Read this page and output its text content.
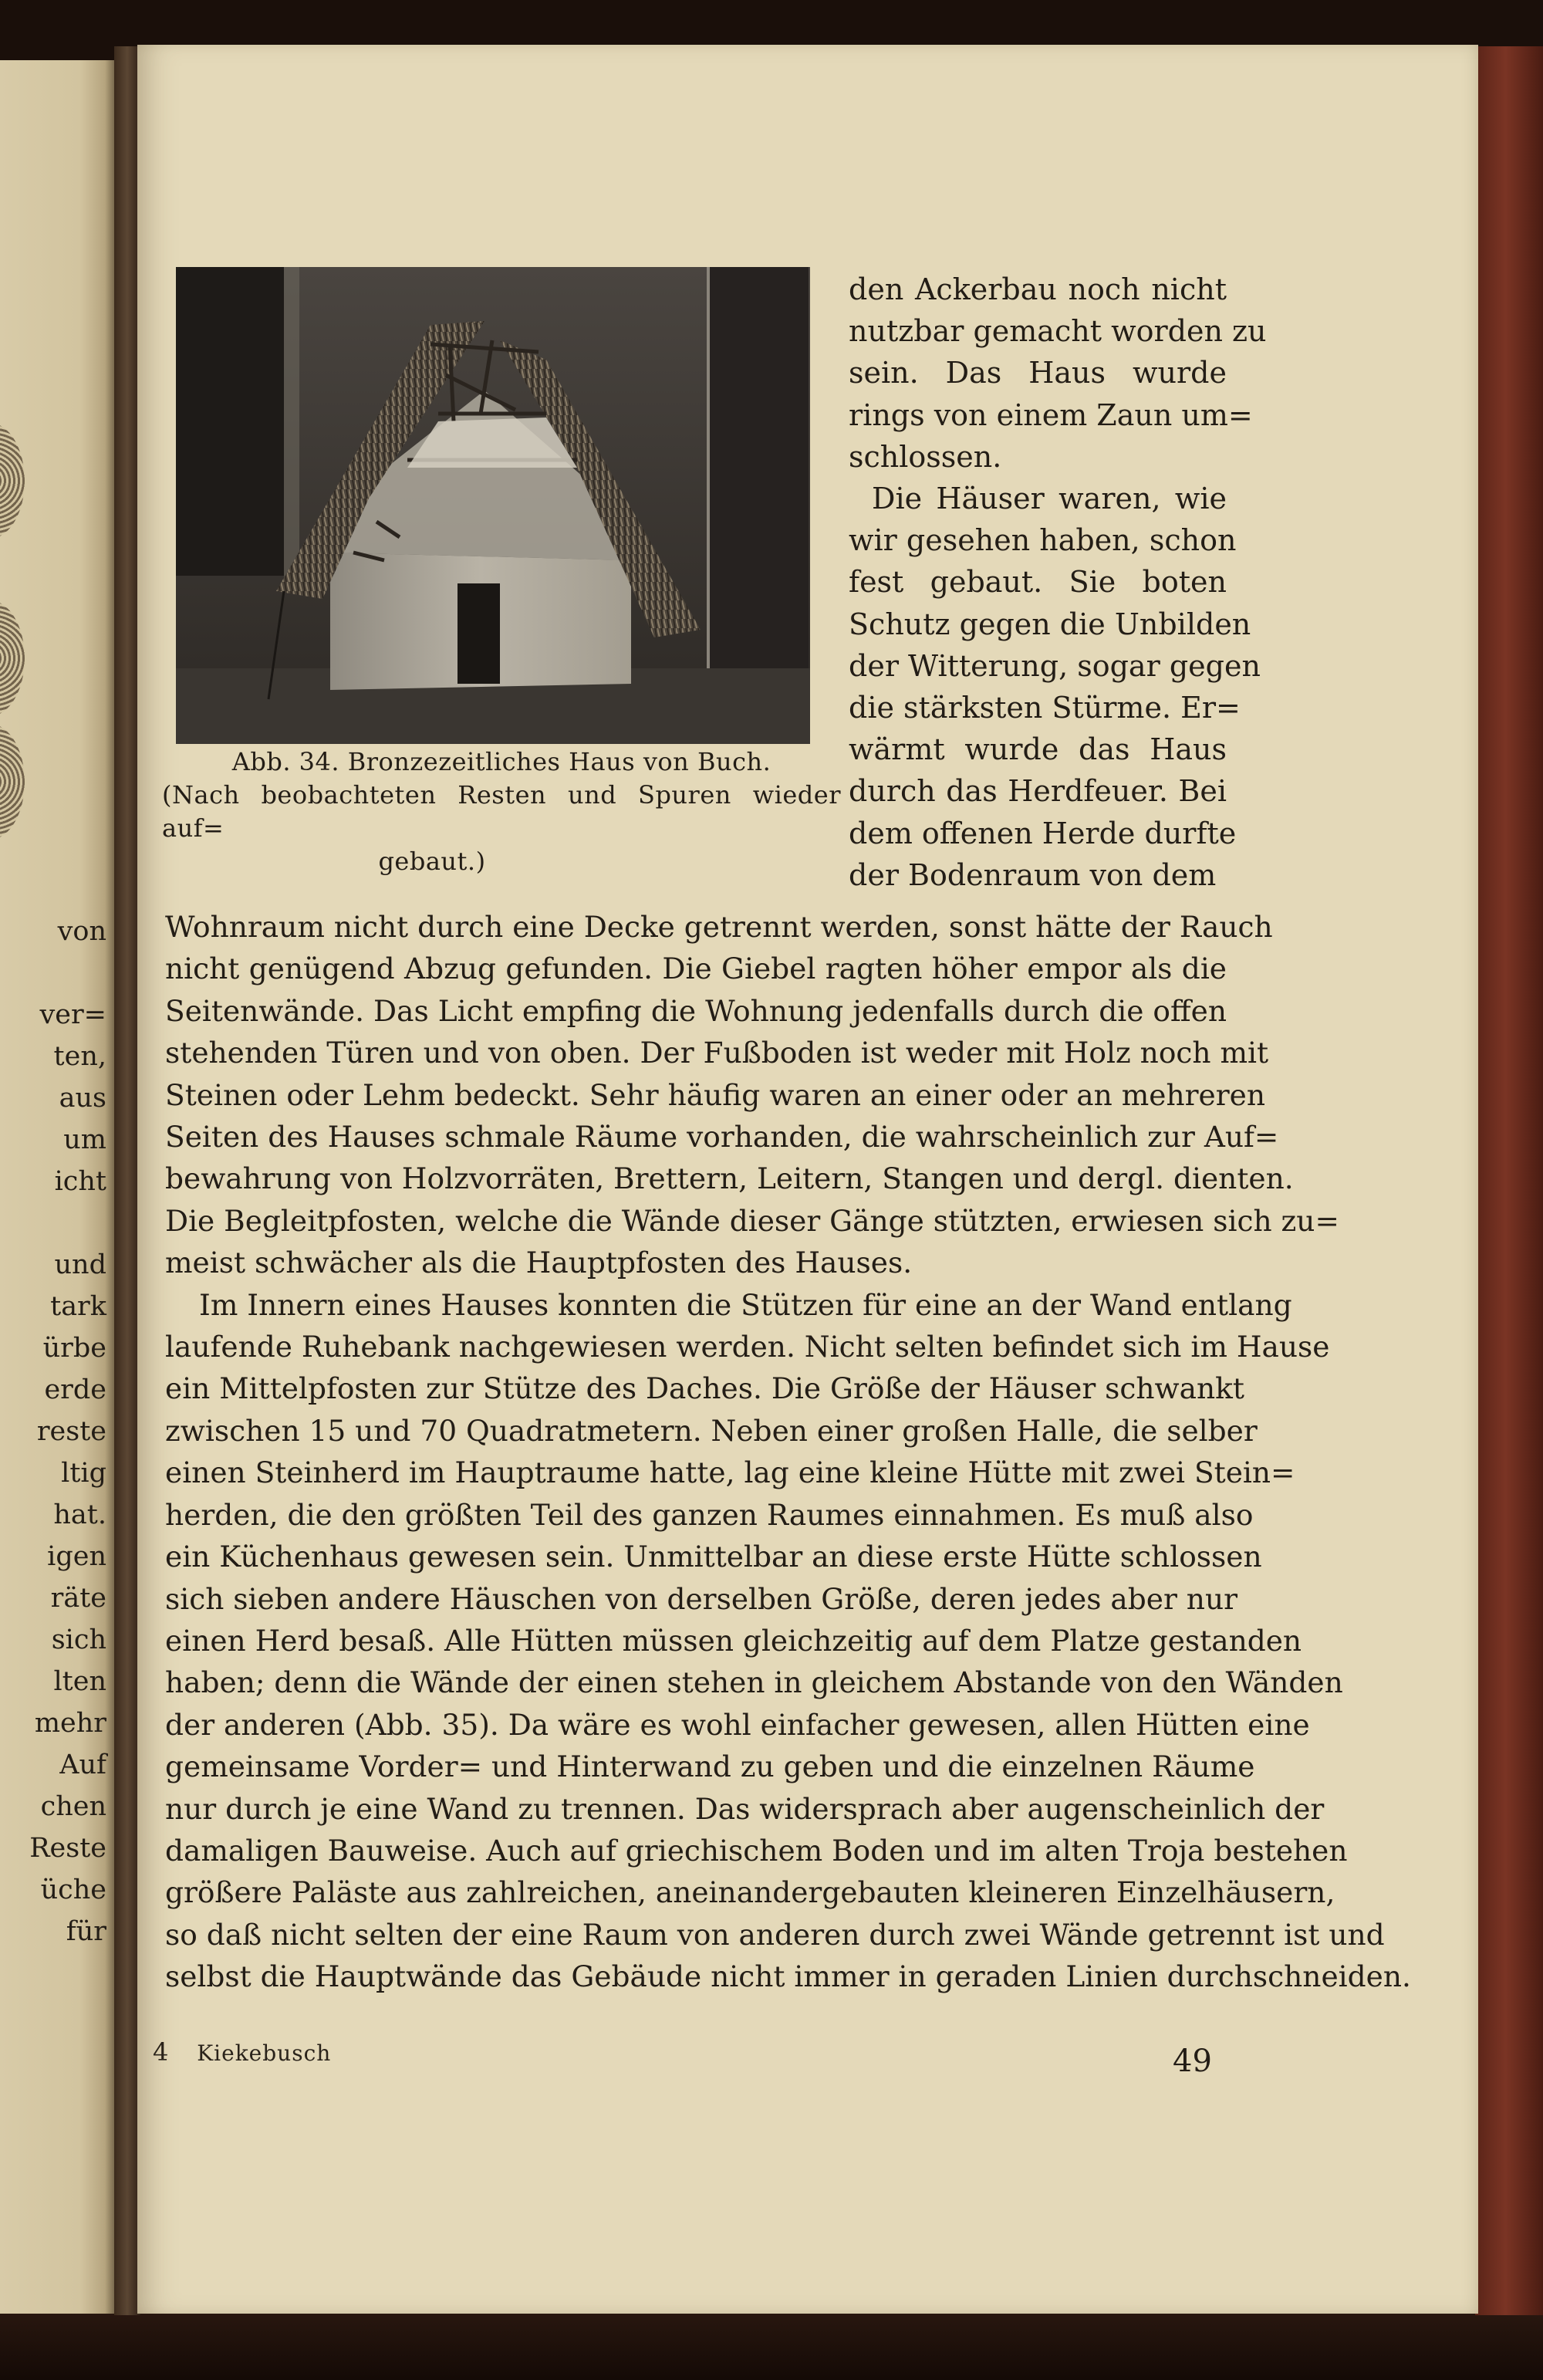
von

ver=
ten,
aus
um
icht

und
tark
ürbe
erde
reste
ltig
hat.
igen
räte
sich
lten
mehr
Auf
chen
Reste
üche
für
Abb. 34. Bronzezeitliches Haus von Buch.
(Nach beobachteten Resten und Spuren wieder auf=
gebaut.)
den Ackerbau noch nicht
nutzbar gemacht worden zu
sein. Das Haus wurde
rings von einem Zaun um=
schlossen.
Die Häuser waren, wie
wir gesehen haben, schon
fest gebaut. Sie boten
Schutz gegen die Unbilden
der Witterung, sogar gegen
die stärksten Stürme. Er=
wärmt wurde das Haus
durch das Herdfeuer. Bei
dem offenen Herde durfte
der Bodenraum von dem
Wohnraum nicht durch eine Decke getrennt werden, sonst hätte der Rauch
nicht genügend Abzug gefunden. Die Giebel ragten höher empor als die
Seitenwände. Das Licht empfing die Wohnung jedenfalls durch die offen
stehenden Türen und von oben. Der Fußboden ist weder mit Holz noch mit
Steinen oder Lehm bedeckt. Sehr häufig waren an einer oder an mehreren
Seiten des Hauses schmale Räume vorhanden, die wahrscheinlich zur Auf=
bewahrung von Holzvorräten, Brettern, Leitern, Stangen und dergl. dienten.
Die Begleitpfosten, welche die Wände dieser Gänge stützten, erwiesen sich zu=
meist schwächer als die Hauptpfosten des Hauses.
Im Innern eines Hauses konnten die Stützen für eine an der Wand entlang
laufende Ruhebank nachgewiesen werden. Nicht selten befindet sich im Hause
ein Mittelpfosten zur Stütze des Daches. Die Größe der Häuser schwankt
zwischen 15 und 70 Quadratmetern. Neben einer großen Halle, die selber
einen Steinherd im Hauptraume hatte, lag eine kleine Hütte mit zwei Stein=
herden, die den größten Teil des ganzen Raumes einnahmen. Es muß also
ein Küchenhaus gewesen sein. Unmittelbar an diese erste Hütte schlossen
sich sieben andere Häuschen von derselben Größe, deren jedes aber nur
einen Herd besaß. Alle Hütten müssen gleichzeitig auf dem Platze gestanden
haben; denn die Wände der einen stehen in gleichem Abstande von den Wänden
der anderen (Abb. 35). Da wäre es wohl einfacher gewesen, allen Hütten eine
gemeinsame Vorder= und Hinterwand zu geben und die einzelnen Räume
nur durch je eine Wand zu trennen. Das widersprach aber augenscheinlich der
damaligen Bauweise. Auch auf griechischem Boden und im alten Troja bestehen
größere Paläste aus zahlreichen, aneinandergebauten kleineren Einzelhäusern,
so daß nicht selten der eine Raum von anderen durch zwei Wände getrennt ist und
selbst die Hauptwände das Gebäude nicht immer in geraden Linien durchschneiden.
4 Kiekebusch	49
